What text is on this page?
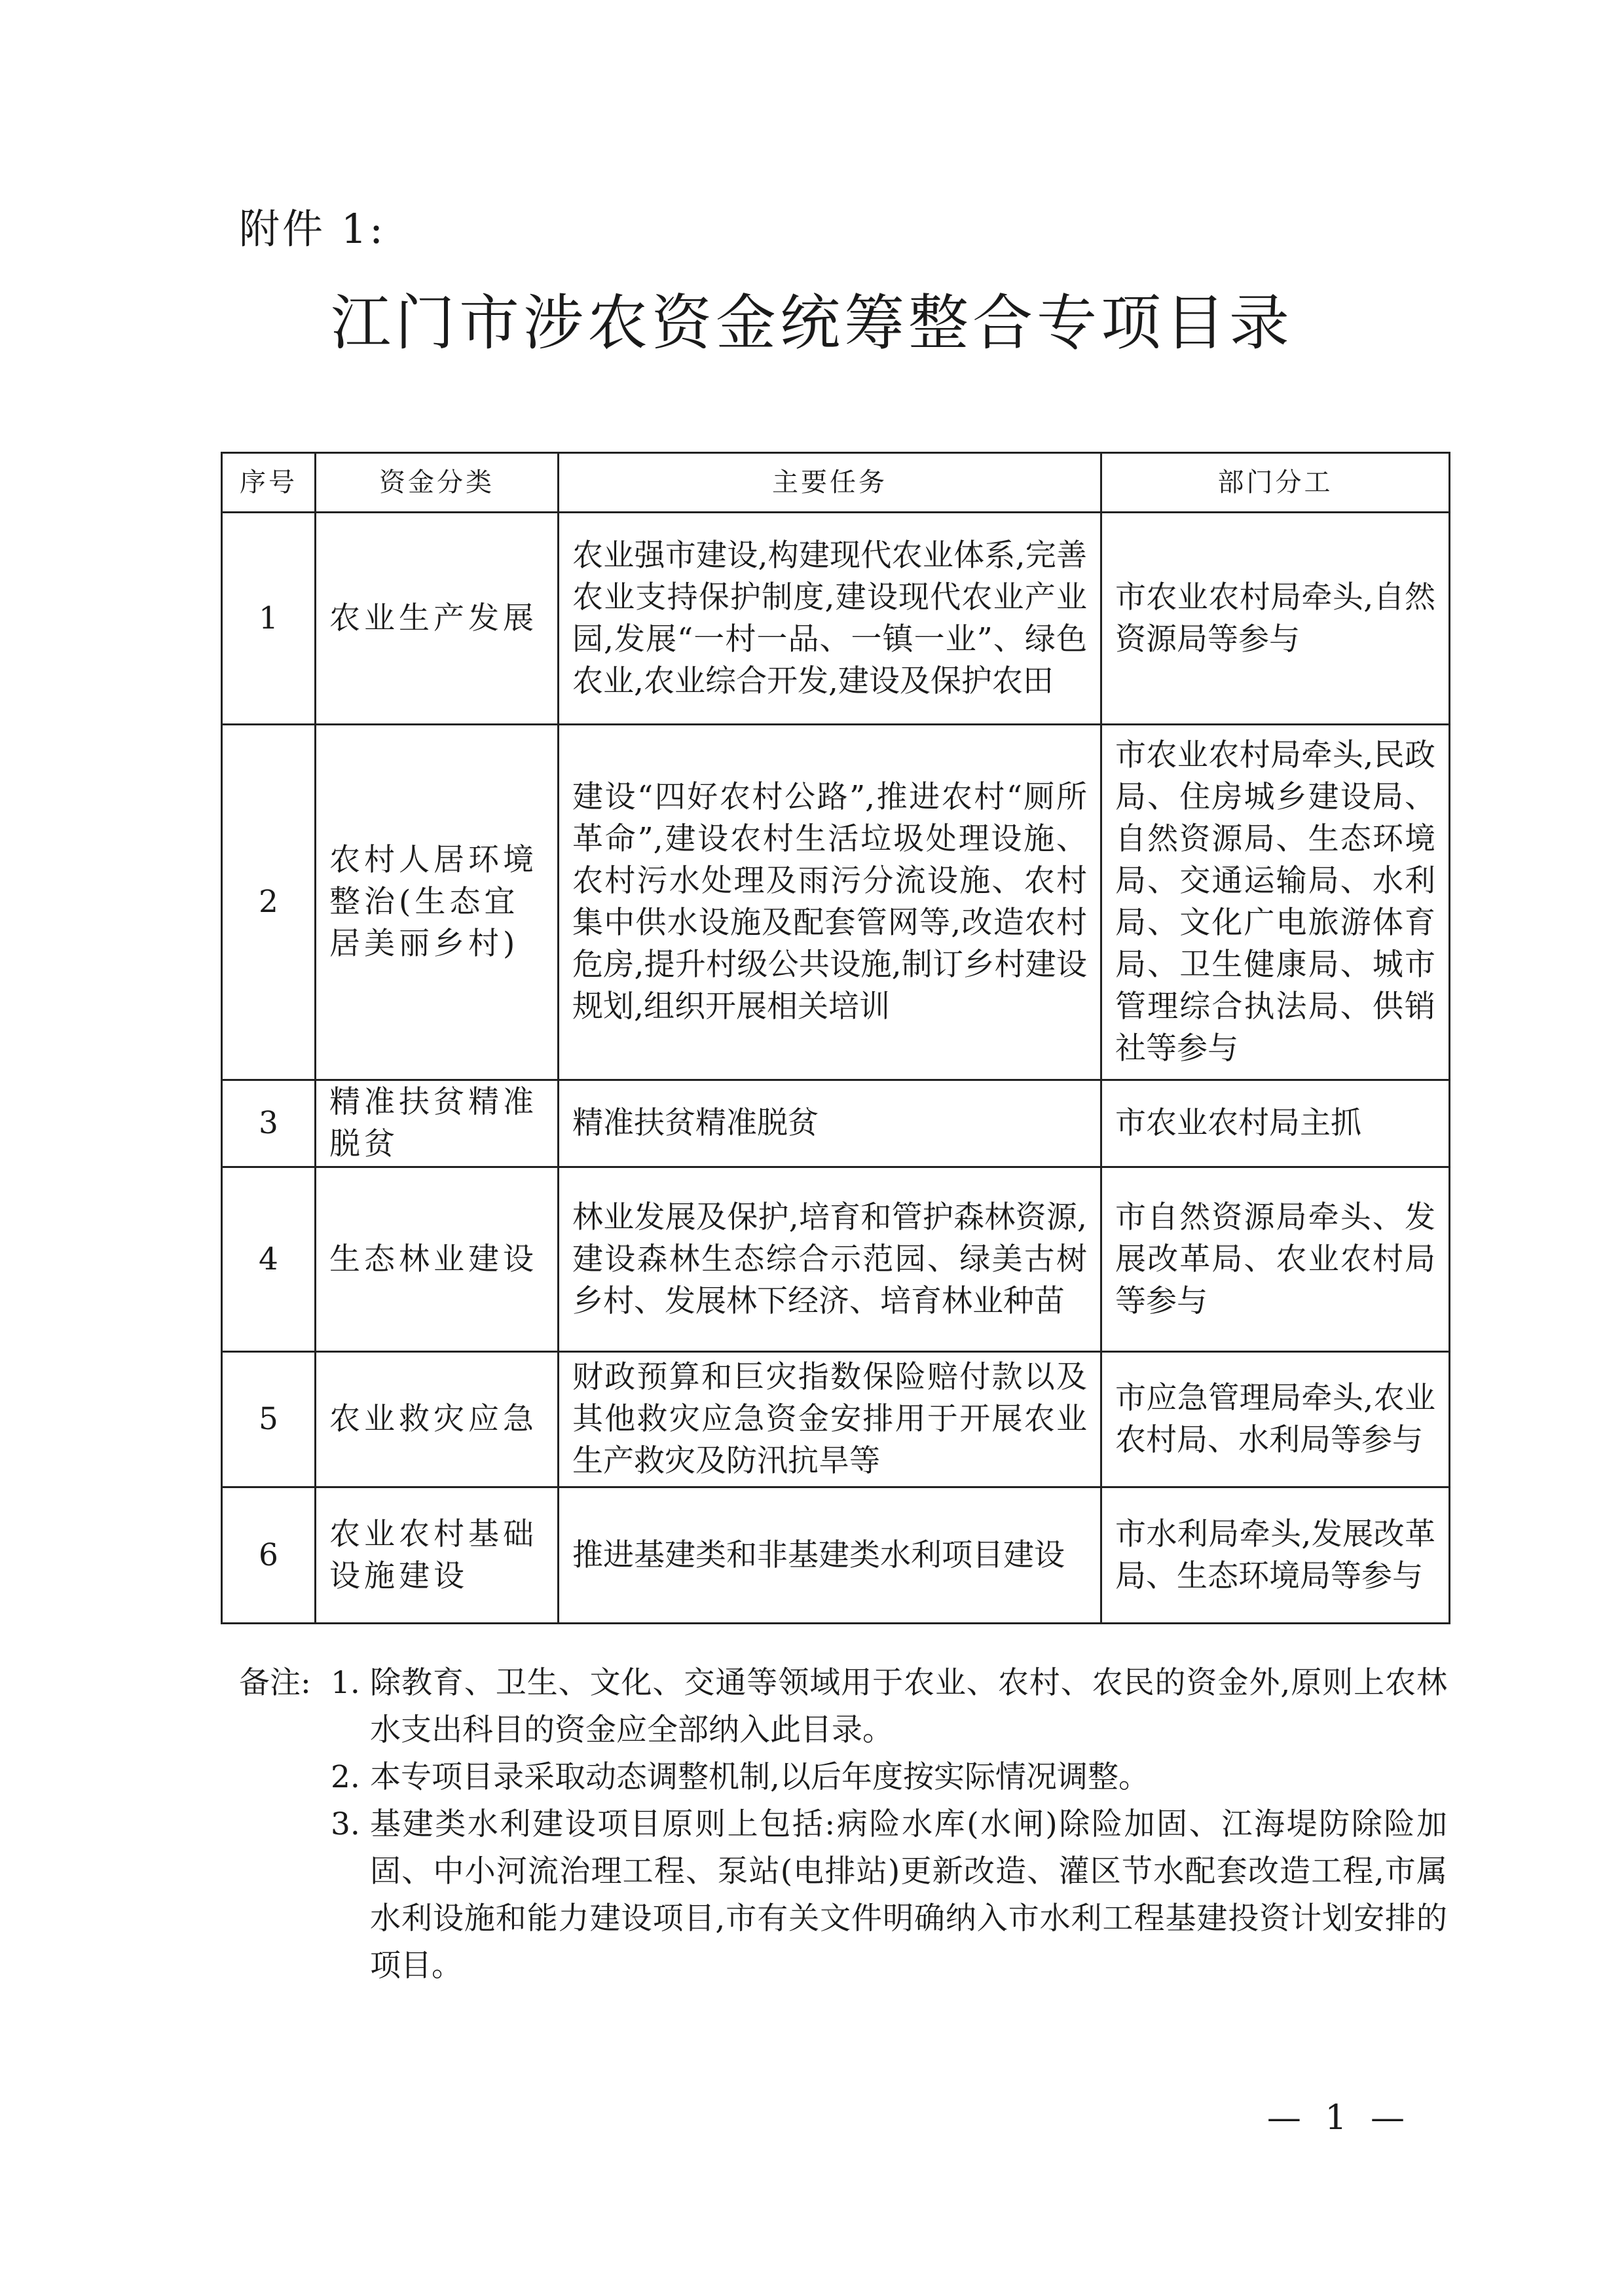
附件 1:
江门市涉农资金统筹整合专项目录
序号	资金分类	主要任务	部门分工
1	农业生产发展	农业强市建设,构建现代农业体系,完善农业支持保护制度,建设现代农业产业园,发展“一村一品、一镇一业”、绿色农业,农业综合开发,建设及保护农田	市农业农村局牵头,自然资源局等参与
2	农村人居环境整治(生态宜居美丽乡村)	建设“四好农村公路”,推进农村“厕所革命”,建设农村生活垃圾处理设施、农村污水处理及雨污分流设施、农村集中供水设施及配套管网等,改造农村危房,提升村级公共设施,制订乡村建设规划,组织开展相关培训	市农业农村局牵头,民政局、住房城乡建设局、自然资源局、生态环境局、交通运输局、水利局、文化广电旅游体育局、卫生健康局、城市管理综合执法局、供销社等参与
3	精准扶贫精准脱贫	精准扶贫精准脱贫	市农业农村局主抓
4	生态林业建设	林业发展及保护,培育和管护森林资源,建设森林生态综合示范园、绿美古树乡村、发展林下经济、培育林业种苗	市自然资源局牵头、发展改革局、农业农村局等参与
5	农业救灾应急	财政预算和巨灾指数保险赔付款以及其他救灾应急资金安排用于开展农业生产救灾及防汛抗旱等	市应急管理局牵头,农业农村局、水利局等参与
6	农业农村基础设施建设	推进基建类和非基建类水利项目建设	市水利局牵头,发展改革局、生态环境局等参与
备注: 1. 除教育、卫生、文化、交通等领域用于农业、农村、农民的资金外,原则上农林水支出科目的资金应全部纳入此目录。
2. 本专项目录采取动态调整机制,以后年度按实际情况调整。
3. 基建类水利建设项目原则上包括:病险水库(水闸)除险加固、江海堤防除险加固、中小河流治理工程、泵站(电排站)更新改造、灌区节水配套改造工程,市属水利设施和能力建设项目,市有关文件明确纳入市水利工程基建投资计划安排的项目。
— 1 —
